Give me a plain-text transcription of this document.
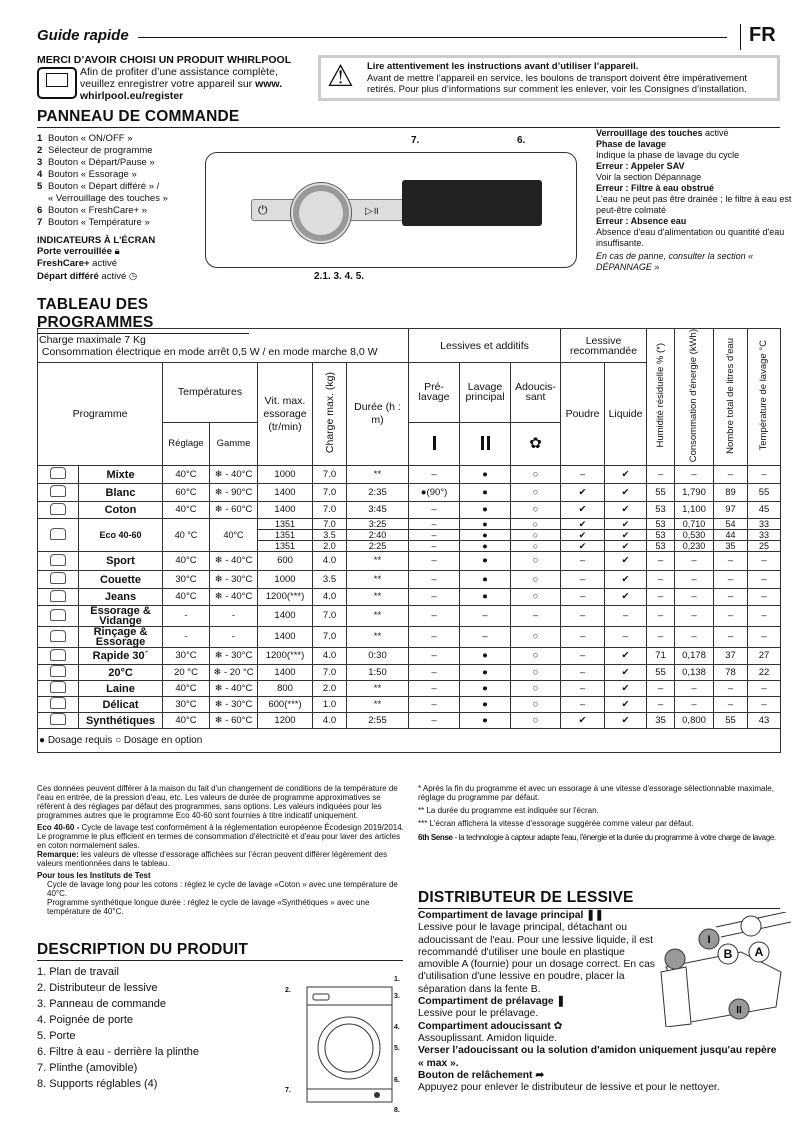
Guide rapide	FR
MERCI D’AVOIR CHOISI UN PRODUIT WHIRLPOOL
Afin de profiter d’une assistance complète, veuillez enregistrer votre appareil sur www. whirlpool.eu/register
⚠ Lire attentivement les instructions avant d’utiliser l’appareil.
Avant de mettre l’appareil en service, les boulons de transport doivent être impérativement retirés. Pour plus d’informations sur comment les enlever, voir les Consignes d’installation.
PANNEAU DE COMMANDE
1 Bouton « ON/OFF »
2 Sélecteur de programme
3 Bouton « Départ/Pause »
4 Bouton « Essorage »
5 Bouton « Départ différé » /
« Verrouillage des touches »
6 Bouton « FreshCare+ »
7 Bouton « Température »
INDICATEURS À L'ÉCRAN
Porte verrouillée 🔒︎
FreshCare+ activé
Départ différé activé ◷
⏻	▷॥
7.	6.
2.1. 3. 4. 5.
Verrouillage des touches activé
Phase de lavage
Indique la phase de lavage du cycle
Erreur : Appeler SAV
Voir la section Dépannage
Erreur : Filtre à eau obstrué
L'eau ne peut pas être drainée ; le filtre à eau est peut-être colmaté
Erreur : Absence eau
Absence d'eau d'alimentation ou quantité d'eau insuffisante.
En cas de panne, consulter la section « DÉPANNAGE »
TABLEAU DES PROGRAMMES
Charge maximale 7 Kg
Consommation électrique en mode arrêt 0,5 W / en mode marche 8,0 W							Lessives et additifs			Lessive recommandée		Humidité résiduelle % (*)	Consommation d'énergie (kWh)	Nombre total de litres d'eau	Température de lavage °C
Programme		Températures		Vit. max. essorage (tr/min)	Charge max. (kg)	Durée (h : m)	Pré-lavage	Lavage principal	Adoucis-sant	Poudre	Liquide				
		Réglage	Gamme						✿						
	Mixte	40°C	❄ - 40°C	1000	7.0	**	–	●	○	–	✔	–	–	–	–
	Blanc	60°C	❄ - 90°C	1400	7.0	2:35	●(90°)	●	○	✔	✔	55	1,790	89	55
	Coton	40°C	❄ - 60°C	1400	7.0	3:45	–	●	○	✔	✔	53	1,100	97	45
	Eco 40-60	40 °C	40°C	1351	7.0	3:25	–	●	○	✔	✔	53	0,710	54	33
				1351	3.5	2:40	–	●	○	✔	✔	53	0,530	44	33
				1351	2.0	2:25	–	●	○	✔	✔	53	0,230	35	25
	Sport	40°C	❄ - 40°C	600	4.0	**	–	●	○	–	✔	–	–	–	–
	Couette	30°C	❄ - 30°C	1000	3.5	**	–	●	○	–	✔	–	–	–	–
	Jeans	40°C	❄ - 40°C	1200(***)	4.0	**	–	●	○	–	✔	–	–	–	–
	Essorage & Vidange	-	-	1400	7.0	**	–	–	–	–	–	–	–	–	–
	Rinçage & Essorage	-	-	1400	7.0	**	–	–	○	–	–	–	–	–	–
	Rapide 30´	30°C	❄ - 30°C	1200(***)	4.0	0:30	–	●	○	–	✔	71	0,178	37	27
	20°C	20 °C	❄ - 20 °C	1400	7.0	1:50	–	●	○	–	✔	55	0,138	78	22
	Laine	40°C	❄ - 40°C	800	2.0	**	–	●	○	–	✔	–	–	–	–
	Délicat	30°C	❄ - 30°C	600(***)	1.0	**	–	●	○	–	✔	–	–	–	–
	Synthétiques	40°C	❄ - 60°C	1200	4.0	2:55	–	●	○	✔	✔	35	0,800	55	43
● Dosage requis ○ Dosage en option															
Ces données peuvent différer à la maison du fait d'un changement de conditions de la température de l'eau en entrée, de la pression d'eau, etc. Les valeurs de durée de programme approximatives se réfèrent à des réglages par défaut des programmes, sans options. Les valeurs indiquées pour les programmes autres que le programme Eco 40-60 sont fournies à titre indicatif uniquement.
Eco 40-60 - Cycle de lavage test conformément à la réglementation européenne Écodesign 2019/2014. Le programme le plus efficient en termes de consommation d'électricité et d'eau pour laver des articles en coton normalement sales.
Remarque: les valeurs de vitesse d’essorage affichées sur l’écran peuvent différer légèrement des valeurs mentionnées dans le tableau.
Pour tous les Instituts de Test
Cycle de lavage long pour les cotons : réglez le cycle de lavage «Coton » avec une température de 40°C.
Programme synthétique longue durée : réglez le cycle de lavage «Synthétiques » avec une température de 40°C.
* Après la fin du programme et avec un essorage à une vitesse d'essorage sélectionnable maximale, réglage du programme par défaut.
** La durée du programme est indiquée sur l'écran.
*** L'écran affichera la vitesse d'essorage suggérée comme valeur par défaut.
6th Sense - la technologie à capteur adapte l'eau, l'énergie et la durée du programme à votre charge de lavage.
DISTRIBUTEUR DE LESSIVE
Compartiment de lavage principal ❚❚
Lessive pour le lavage principal, détachant ou adoucissant de l'eau. Pour une lessive liquide, il est recommandé d'utiliser une boule en plastique amovible A (fournie) pour un dosage correct. En cas d'utilisation d'une lessive en poudre, placer la séparation dans la fente B.
Compartiment de prélavage ❚
Lessive pour le prélavage.
Compartiment adoucissant ✿
Assouplissant. Amidon liquide.
Verser l’adoucissant ou la solution d'amidon uniquement jusqu'au repère « max ».
Bouton de relâchement ➦
Appuyez pour enlever le distributeur de lessive et pour le nettoyer.
I
II
A
B
DESCRIPTION DU PRODUIT
1. Plan de travail
2. Distributeur de lessive
3. Panneau de commande
4. Poignée de porte
5. Porte
6. Filtre à eau - derrière la plinthe
7. Plinthe (amovible)
8. Supports réglables (4)
1.
2.
3.
4.
5.
6.
7.
8.
